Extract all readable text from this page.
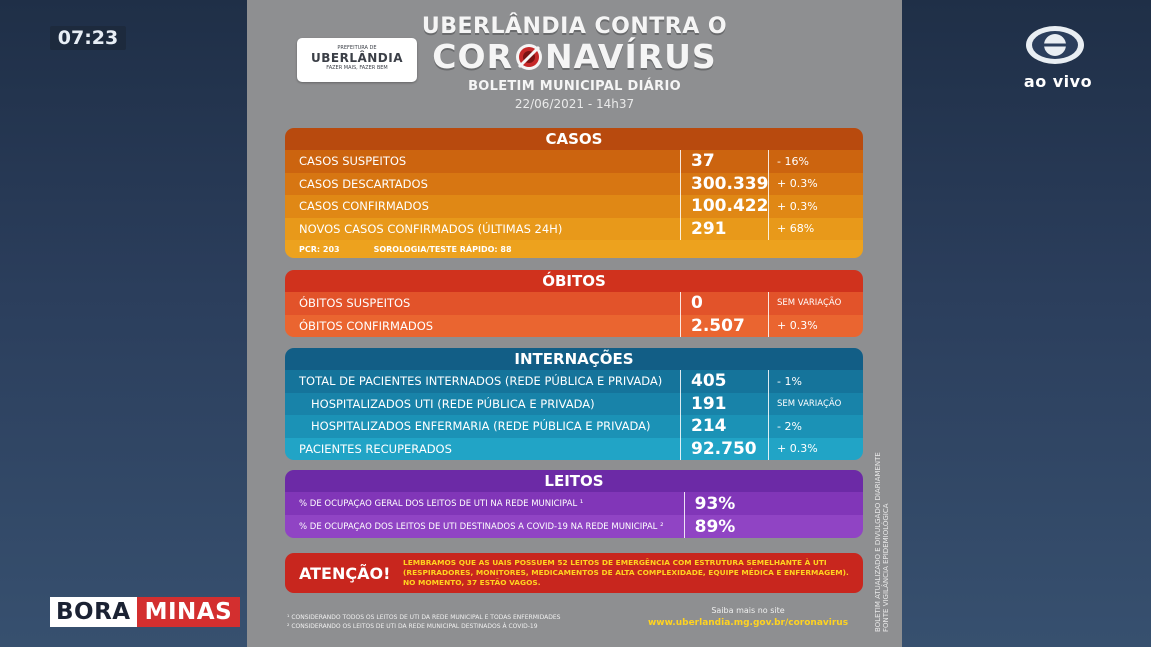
07:23
ao vivo
BORA MINAS
PREFEITURA DE
UBERLÂNDIA
FAZER MAIS, FAZER BEM
UBERLÂNDIA CONTRA O
COR NAVÍRUS
BOLETIM MUNICIPAL DIÁRIO
22/06/2021 - 14h37
CASOS
CASOS SUSPEITOS	37	- 16%
CASOS DESCARTADOS	300.339 + 0.3%
CASOS CONFIRMADOS	100.422 + 0.3%
NOVOS CASOS CONFIRMADOS (ÚLTIMAS 24H)	291	+ 68%
PCR: 203	SOROLOGIA/TESTE RÁPIDO: 88
ÓBITOS
ÓBITOS SUSPEITOS	0	SEM VARIAÇÃO
ÓBITOS CONFIRMADOS	2.507	+ 0.3%
INTERNAÇÕES
TOTAL DE PACIENTES INTERNADOS (REDE PÚBLICA E PRIVADA)	405	- 1%
HOSPITALIZADOS UTI (REDE PÚBLICA E PRIVADA)	191	SEM VARIAÇÃO
HOSPITALIZADOS ENFERMARIA (REDE PÚBLICA E PRIVADA)	214	- 2%
PACIENTES RECUPERADOS	92.750	+ 0.3%
LEITOS
% DE OCUPAÇÃO GERAL DOS LEITOS DE UTI NA REDE MUNICIPAL ¹	93%
% DE OCUPAÇÃO DOS LEITOS DE UTI DESTINADOS À COVID-19 NA REDE MUNICIPAL ²	89%
ATENÇÃO!
LEMBRAMOS QUE AS UAIS POSSUEM 52 LEITOS DE EMERGÊNCIA COM ESTRUTURA SEMELHANTE À UTI (RESPIRADORES, MONITORES, MEDICAMENTOS DE ALTA COMPLEXIDADE, EQUIPE MÉDICA E ENFERMAGEM). NO MOMENTO, 37 ESTÃO VAGOS.
¹ CONSIDERANDO TODOS OS LEITOS DE UTI DA REDE MUNICIPAL E TODAS ENFERMIDADES
² CONSIDERANDO OS LEITOS DE UTI DA REDE MUNICIPAL DESTINADOS À COVID-19
Saiba mais no site
www.uberlandia.mg.gov.br/coronavirus	BOLETIM ATUALIZADO E DIVULGADO DIARIAMENTE FONTE VIGILÂNCIA EPIDEMIOLÓGICA
